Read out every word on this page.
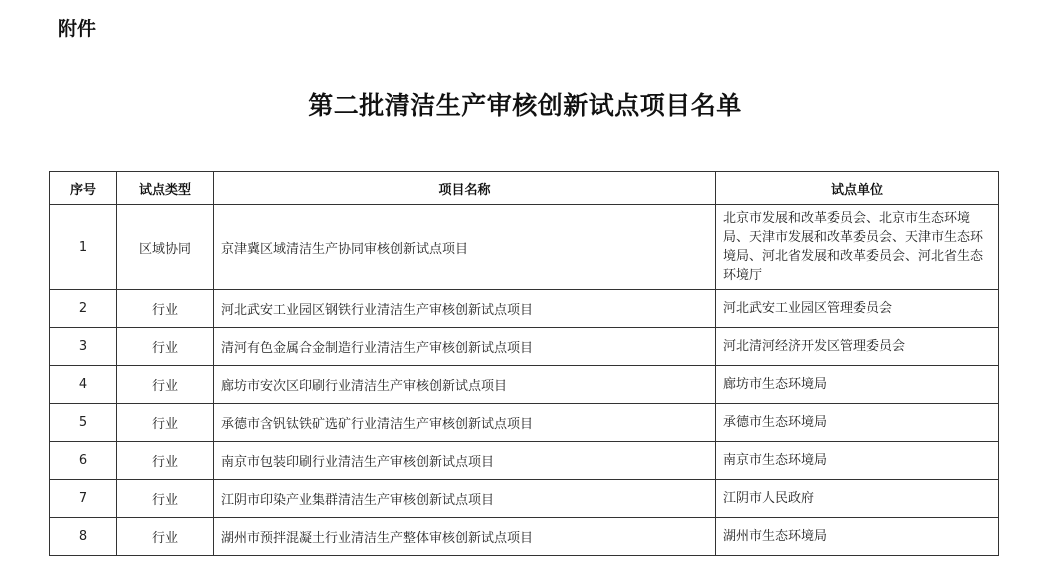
附件
第二批清洁生产审核创新试点项目名单
序号	试点类型	项目名称	试点单位
1	区域协同	京津冀区域清洁生产协同审核创新试点项目	北京市发展和改革委员会、北京市生态环境局、天津市发展和改革委员会、天津市生态环境局、河北省发展和改革委员会、河北省生态环境厅
2	行业	河北武安工业园区钢铁行业清洁生产审核创新试点项目	河北武安工业园区管理委员会
3	行业	清河有色金属合金制造行业清洁生产审核创新试点项目	河北清河经济开发区管理委员会
4	行业	廊坊市安次区印刷行业清洁生产审核创新试点项目	廊坊市生态环境局
5	行业	承德市含钒钛铁矿选矿行业清洁生产审核创新试点项目	承德市生态环境局
6	行业	南京市包装印刷行业清洁生产审核创新试点项目	南京市生态环境局
7	行业	江阴市印染产业集群清洁生产审核创新试点项目	江阴市人民政府
8	行业	湖州市预拌混凝土行业清洁生产整体审核创新试点项目	湖州市生态环境局
